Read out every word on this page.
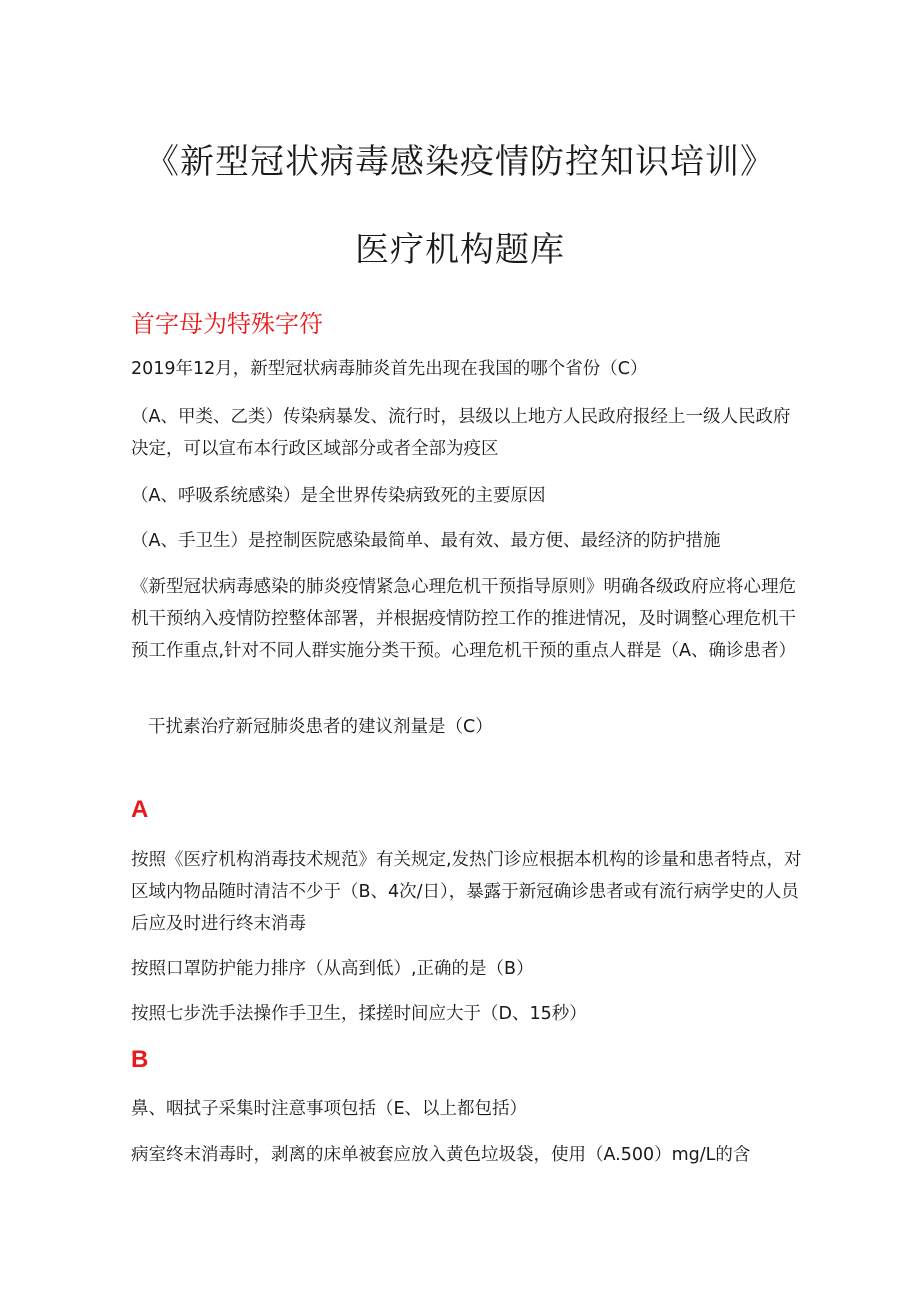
《新型冠状病毒感染疫情防控知识培训》
医疗机构题库
首字母为特殊字符

2019年12月，新型冠状病毒肺炎首先出现在我国的哪个省份（C）

（A、甲类、乙类）传染病暴发、流行时，县级以上地方人民政府报经上一级人民政府决定，可以宣布本行政区域部分或者全部为疫区

（A、呼吸系统感染）是全世界传染病致死的主要原因

（A、手卫生）是控制医院感染最简单、最有效、最方便、最经济的防护措施

《新型冠状病毒感染的肺炎疫情紧急心理危机干预指导原则》明确各级政府应将心理危机干预纳入疫情防控整体部署，并根据疫情防控工作的推进情况，及时调整心理危机干预工作重点,针对不同人群实施分类干预。心理危机干预的重点人群是（A、确诊患者）

干扰素治疗新冠肺炎患者的建议剂量是（C）

A

按照《医疗机构消毒技术规范》有关规定,发热门诊应根据本机构的诊量和患者特点，对区域内物品随时清洁不少于（B、4次/日），暴露于新冠确诊患者或有流行病学史的人员后应及时进行终末消毒

按照口罩防护能力排序（从高到低）,正确的是（B）

按照七步洗手法操作手卫生，揉搓时间应大于（D、15秒）

B

鼻、咽拭子采集时注意事项包括（E、以上都包括）

病室终末消毒时，剥离的床单被套应放入黄色垃圾袋，使用（A.500）mg/L的含
